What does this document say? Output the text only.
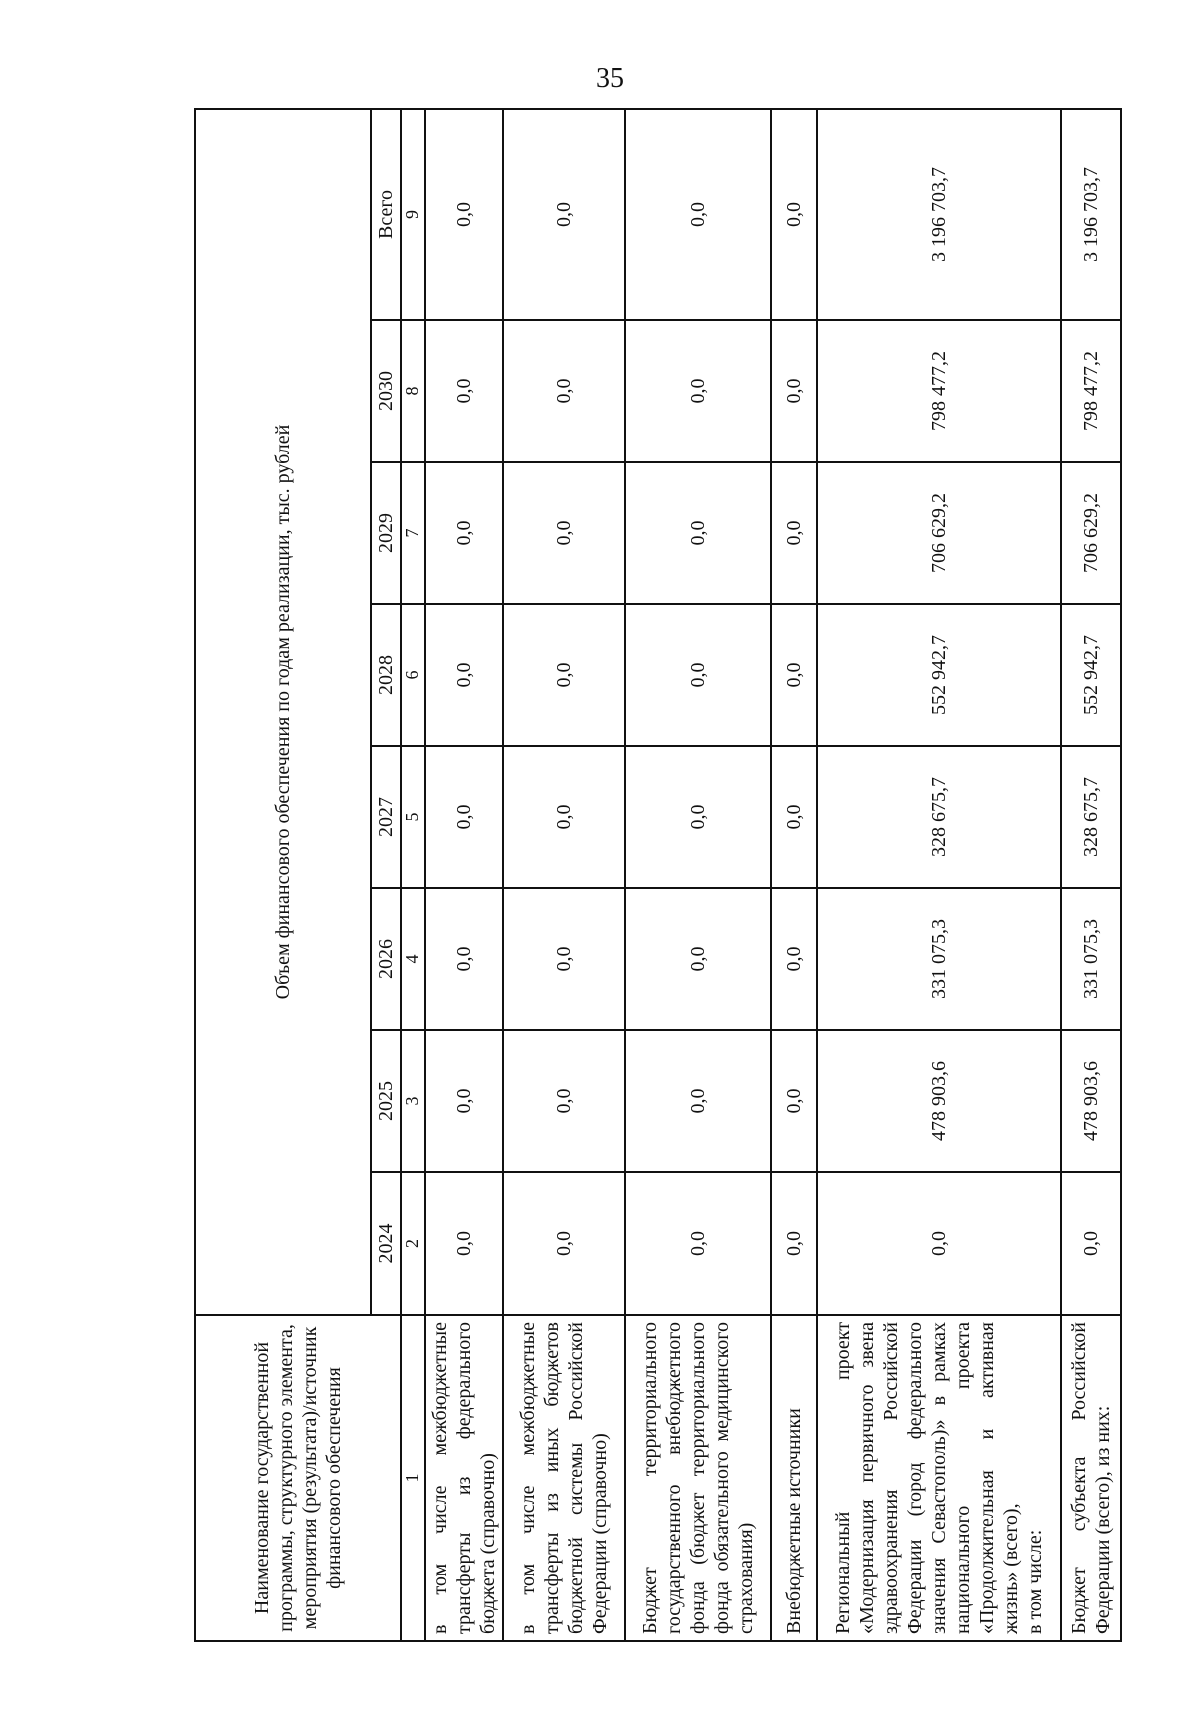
35
Наименование государственной программы, структурного элемента, мероприятия (результата)/источник финансового обеспечения	Объем финансового обеспечения по годам реализации, тыс. рублей							
	2024	2025	2026	2027	2028	2029	2030	Всего
1	2	3	4	5	6	7	8	9
в том числе межбюджетные трансферты из федерального бюджета (справочно)	0,0	0,0	0,0	0,0	0,0	0,0	0,0	0,0
в том числе межбюджетные трансферты из иных бюджетов бюджетной системы Российской Федерации (справочно)	0,0	0,0	0,0	0,0	0,0	0,0	0,0	0,0
Бюджет территориального государственного внебюджетного фонда (бюджет территориального фонда обязательного медицинского страхования)	0,0	0,0	0,0	0,0	0,0	0,0	0,0	0,0
Внебюджетные источники	0,0	0,0	0,0	0,0	0,0	0,0	0,0	0,0
Региональный проект «Модернизация первичного звена здравоохранения Российской Федерации (город федерального значения Севастополь)» в рамках национального проекта «Продолжительная и активная жизнь» (всего), в том числе:	0,0	478 903,6	331 075,3	328 675,7	552 942,7	706 629,2	798 477,2	3 196 703,7
Бюджет субъекта Российской Федерации (всего), из них:	0,0	478 903,6	331 075,3	328 675,7	552 942,7	706 629,2	798 477,2	3 196 703,7
